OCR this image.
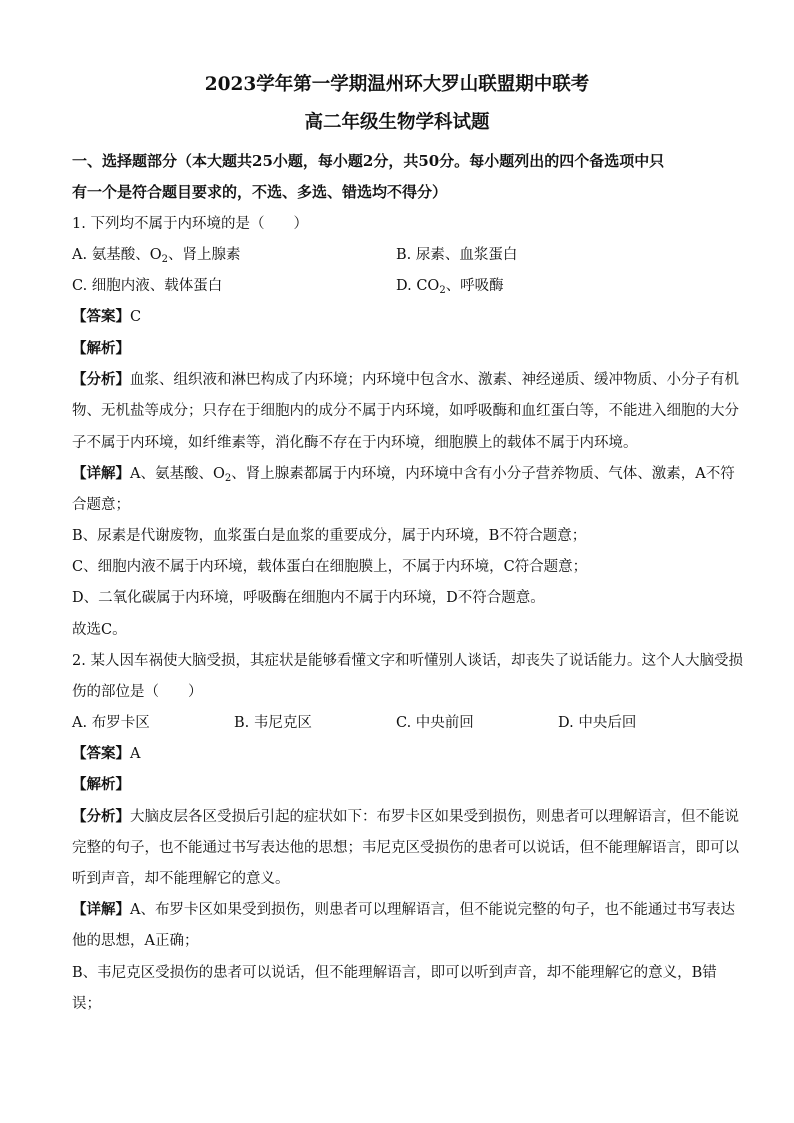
2023学年第一学期温州环大罗山联盟期中联考
高二年级生物学科试题
一、选择题部分（本大题共25小题，每小题2分，共50分。每小题列出的四个备选项中只
有一个是符合题目要求的，不选、多选、错选均不得分）
1. 下列均不属于内环境的是（　　）
A. 氨基酸、$O_2$、肾上腺素	B. 尿素、血浆蛋白
C. 细胞内液、载体蛋白	D. $CO_2$、呼吸酶
【答案】C
【解析】
【分析】血浆、组织液和淋巴构成了内环境；内环境中包含水、激素、神经递质、缓冲物质、小分子有机
物、无机盐等成分；只存在于细胞内的成分不属于内环境，如呼吸酶和血红蛋白等，不能进入细胞的大分
子不属于内环境，如纤维素等，消化酶不存在于内环境，细胞膜上的载体不属于内环境。
【详解】A、氨基酸、$O_2$、肾上腺素都属于内环境，内环境中含有小分子营养物质、气体、激素，A不符
合题意；
B、尿素是代谢废物，血浆蛋白是血浆的重要成分，属于内环境，B不符合题意；
C、细胞内液不属于内环境，载体蛋白在细胞膜上，不属于内环境，C符合题意；
D、二氧化碳属于内环境，呼吸酶在细胞内不属于内环境，D不符合题意。
故选C。
2. 某人因车祸使大脑受损，其症状是能够看懂文字和听懂别人谈话，却丧失了说话能力。这个人大脑受损
伤的部位是（　　）
A. 布罗卡区	B. 韦尼克区	C. 中央前回	D. 中央后回
【答案】A
【解析】
【分析】大脑皮层各区受损后引起的症状如下：布罗卡区如果受到损伤，则患者可以理解语言，但不能说
完整的句子，也不能通过书写表达他的思想；韦尼克区受损伤的患者可以说话，但不能理解语言，即可以
听到声音，却不能理解它的意义。
【详解】A、布罗卡区如果受到损伤，则患者可以理解语言，但不能说完整的句子，也不能通过书写表达
他的思想，A正确；
B、韦尼克区受损伤的患者可以说话，但不能理解语言，即可以听到声音，却不能理解它的意义，B错
误；
